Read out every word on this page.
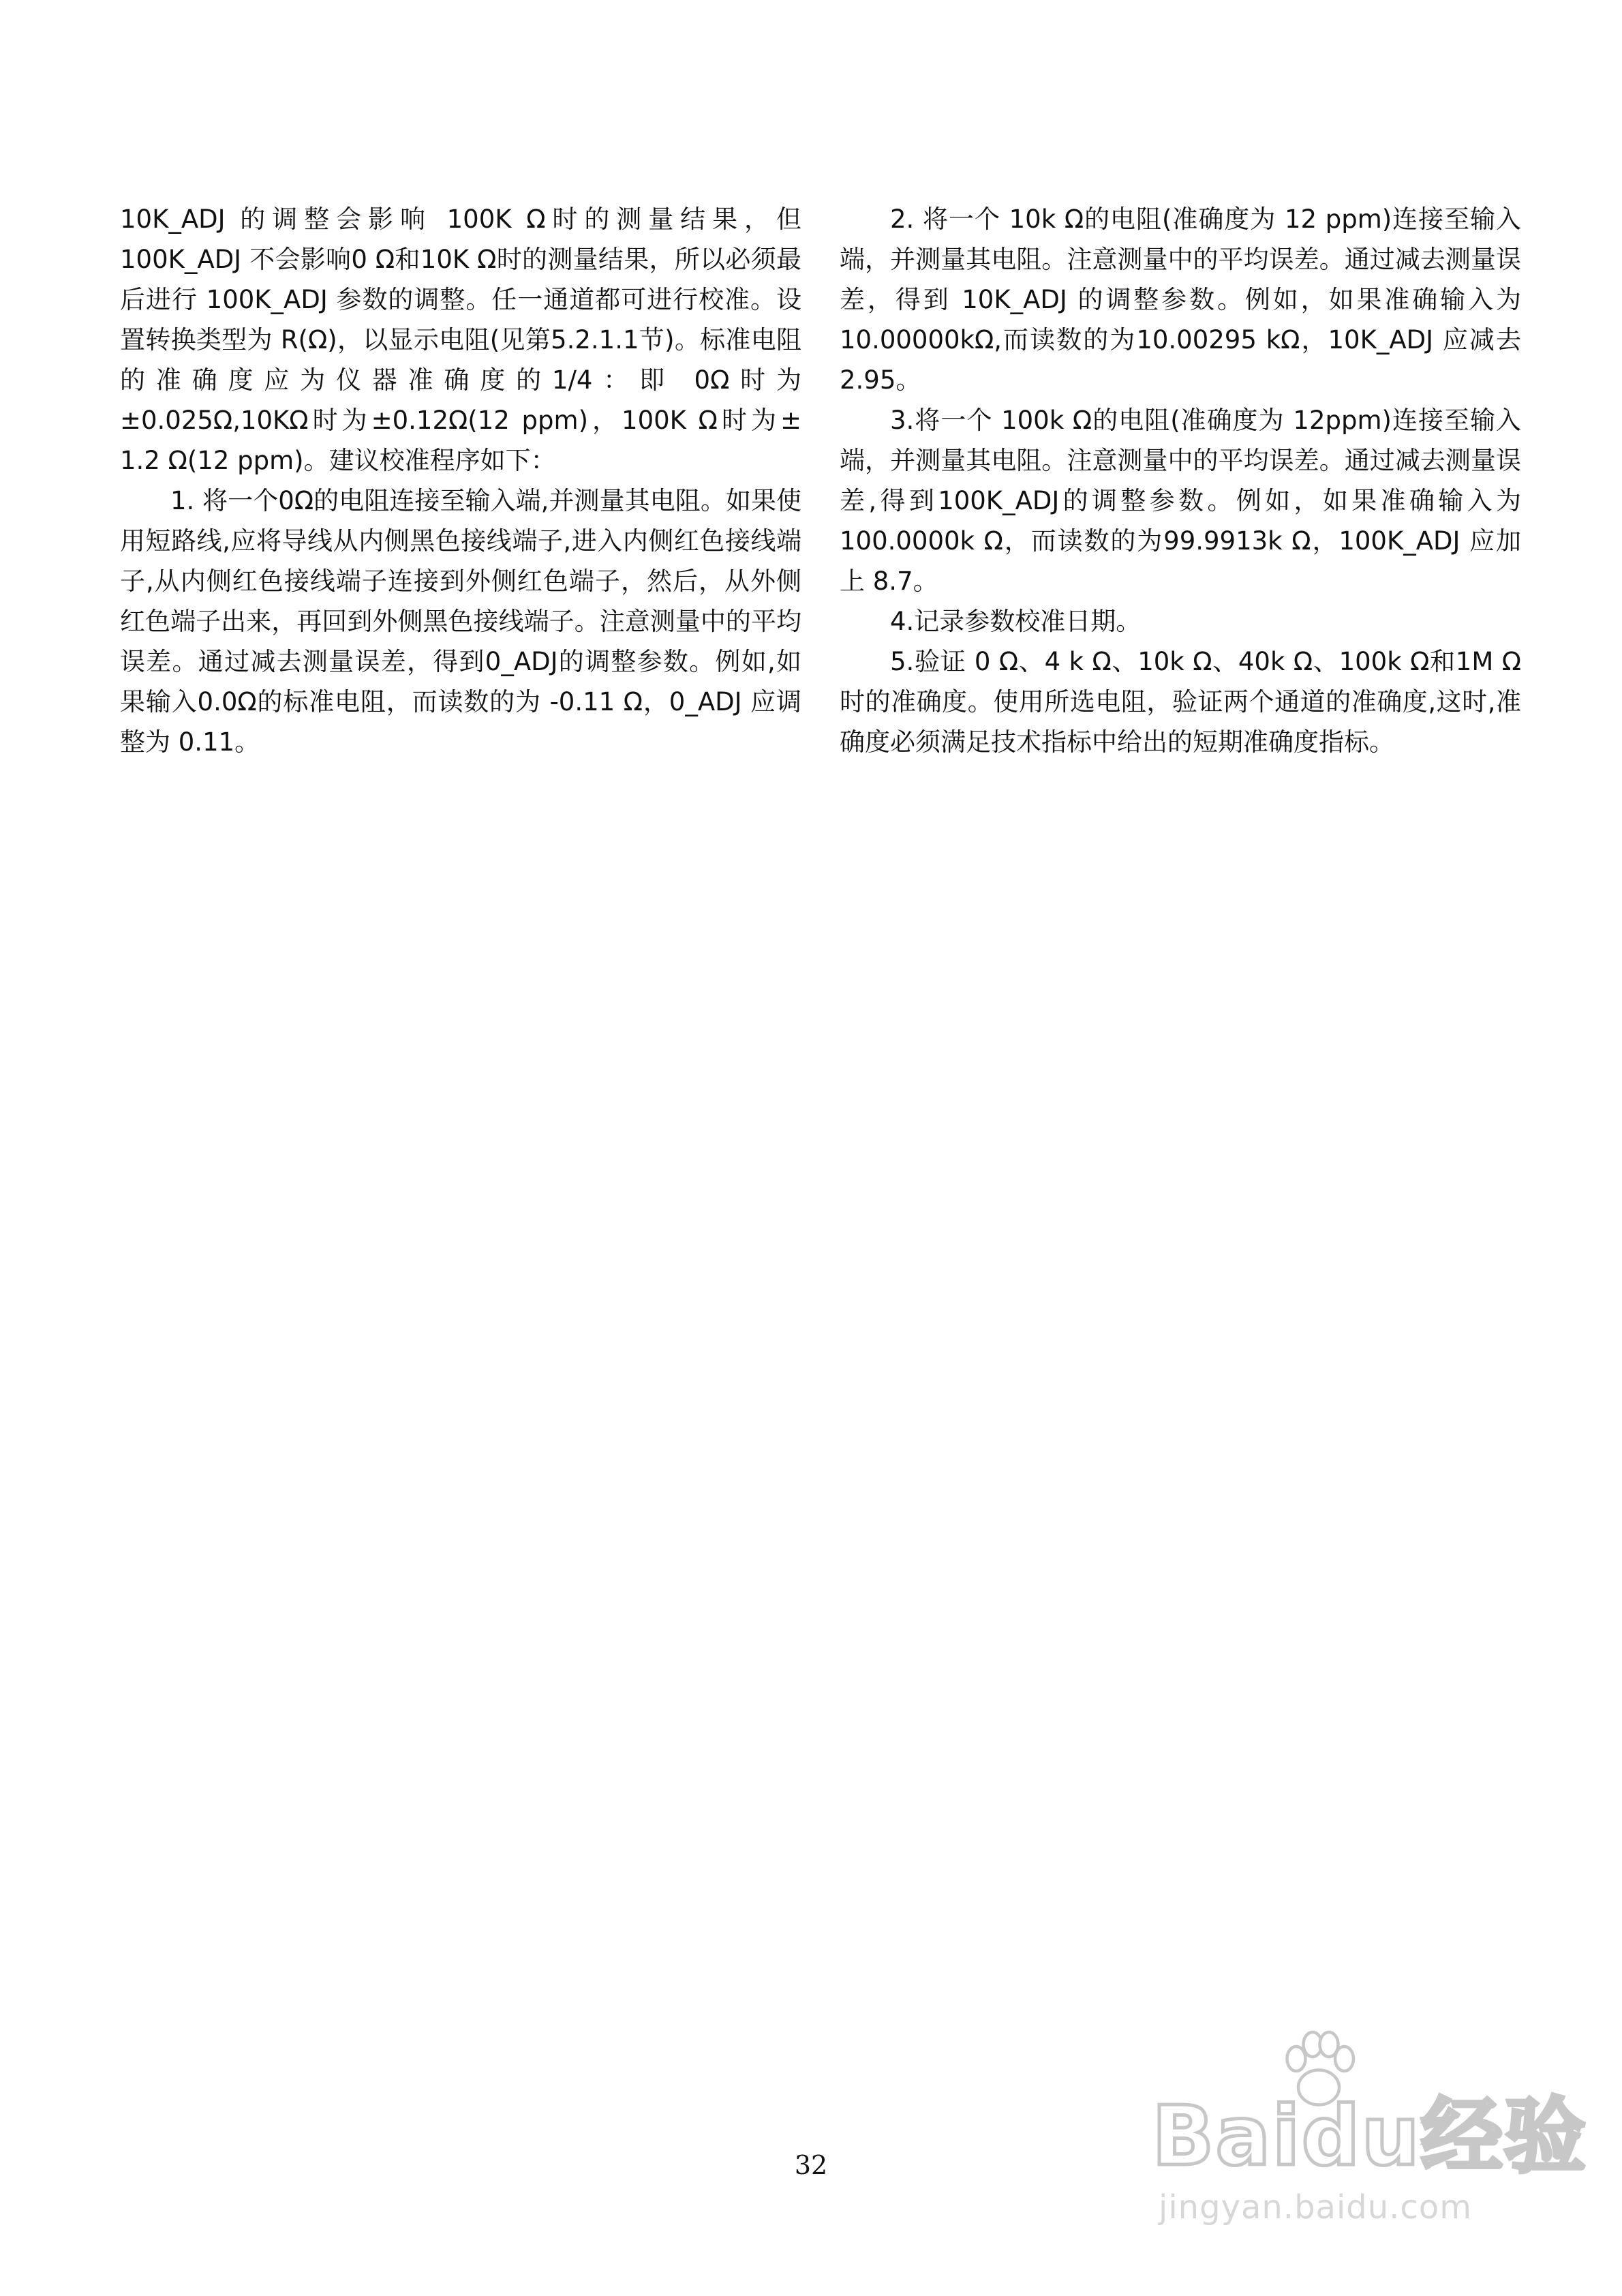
10K_ADJ 的调整会影响 100K Ω时的测量结果，但100K_ADJ 不会影响0 Ω和10K Ω时的测量结果，所以必须最后进行 100K_ADJ 参数的调整。任一通道都可进行校准。设置转换类型为 R(Ω)，以显示电阻(见第5.2.1.1节)。标准电阻的准确度应为仪器准确度的1/4：即 0Ω时为 ±0.025Ω,10KΩ时为±0.12Ω(12 ppm)，100K Ω时为± 1.2 Ω(12 ppm)。建议校准程序如下：

1. 将一个0Ω的电阻连接至输入端,并测量其电阻。如果使用短路线,应将导线从内侧黑色接线端子,进入内侧红色接线端子,从内侧红色接线端子连接到外侧红色端子，然后，从外侧红色端子出来，再回到外侧黑色接线端子。注意测量中的平均误差。通过减去测量误差，得到0_ADJ的调整参数。例如,如果输入0.0Ω的标准电阻，而读数的为 -0.11 Ω，0_ADJ 应调整为 0.11。

2. 将一个 10k Ω的电阻(准确度为 12 ppm)连接至输入端，并测量其电阻。注意测量中的平均误差。通过减去测量误差，得到 10K_ADJ 的调整参数。例如，如果准确输入为10.00000kΩ,而读数的为10.00295 kΩ，10K_ADJ 应减去 2.95。

3.将一个 100k Ω的电阻(准确度为 12ppm)连接至输入端，并测量其电阻。注意测量中的平均误差。通过减去测量误差,得到100K_ADJ的调整参数。例如，如果准确输入为 100.0000k Ω，而读数的为99.9913k Ω，100K_ADJ 应加上 8.7。

4.记录参数校准日期。

5.验证 0 Ω、4 k Ω、10k Ω、40k Ω、100k Ω和1M Ω时的准确度。使用所选电阻，验证两个通道的准确度,这时,准确度必须满足技术指标中给出的短期准确度指标。

32	Baidu经验
jingyan.baidu.com
